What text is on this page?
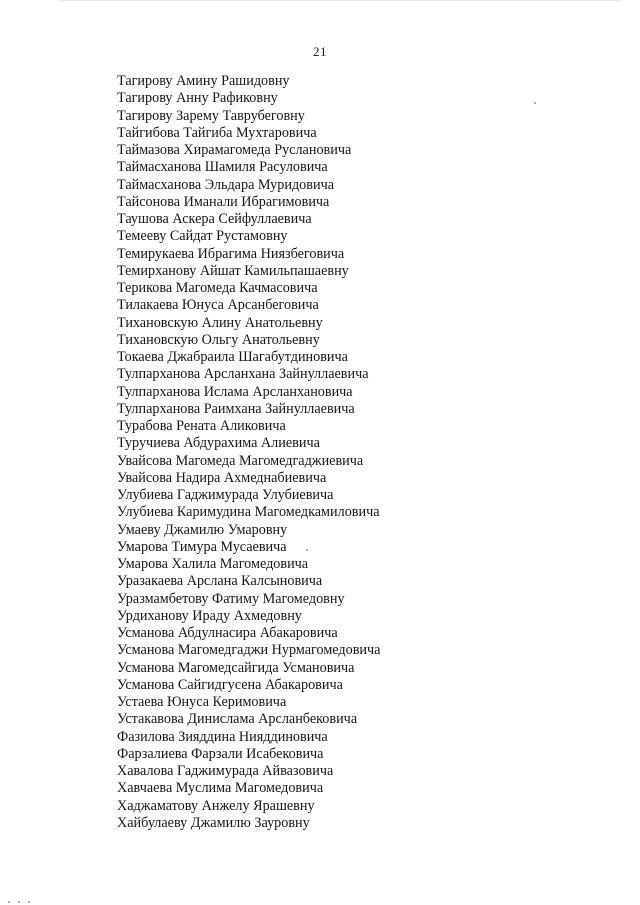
21
Тагирову Амину Рашидовну
Тагирову Анну Рафиковну
Тагирову Зарему Таврубеговну
Тайгибова Тайгиба Мухтаровича
Таймазова Хирамагомеда Руслановича
Таймасханова Шамиля Расуловича
Таймасханова Эльдара Муридовича
Тайсонова Иманали Ибрагимовича
Таушова Аскера Сейфуллаевича
Темееву Сайдат Рустамовну
Темирукаева Ибрагима Ниязбеговича
Темирханову Айшат Камильпашаевну
Терикова Магомеда Качмасовича
Тилакаева Юнуса Арсанбеговича
Тихановскую Алину Анатольевну
Тихановскую Ольгу Анатольевну
Токаева Джабраила Шагабутдиновича
Тулпарханова Арсланхана Зайнуллаевича
Тулпарханова Ислама Арсланхановича
Тулпарханова Раимхана Зайнуллаевича
Турабова Рената Аликовича
Туручиева Абдурахима Алиевича
Увайсова Магомеда Магомедгаджиевича
Увайсова Надира Ахмеднабиевича
Улубиева Гаджимурада Улубиевича
Улубиева Каримудина Магомедкамиловича
Умаеву Джамилю Умаровну
Умарова Тимура Мусаевича
Умарова Халила Магомедовича
Уразакаева Арслана Калсыновича
Уразмамбетову Фатиму Магомедовну
Урдиханову Ираду Ахмедовну
Усманова Абдулнасира Абакаровича
Усманова Магомедгаджи Нурмагомедовича
Усманова Магомедсайгида Усмановича
Усманова Сайгидгусена Абакаровича
Устаева Юнуса Керимовича
Устакавова Динислама Арсланбековича
Фазилова Зияддина Нияддиновича
Фарзалиева Фарзали Исабековича
Хавалова Гаджимурада Айвазовича
Хавчаева Муслима Магомедовича
Хаджаматову Анжелу Ярашевну
Хайбулаеву Джамилю Зауровну
